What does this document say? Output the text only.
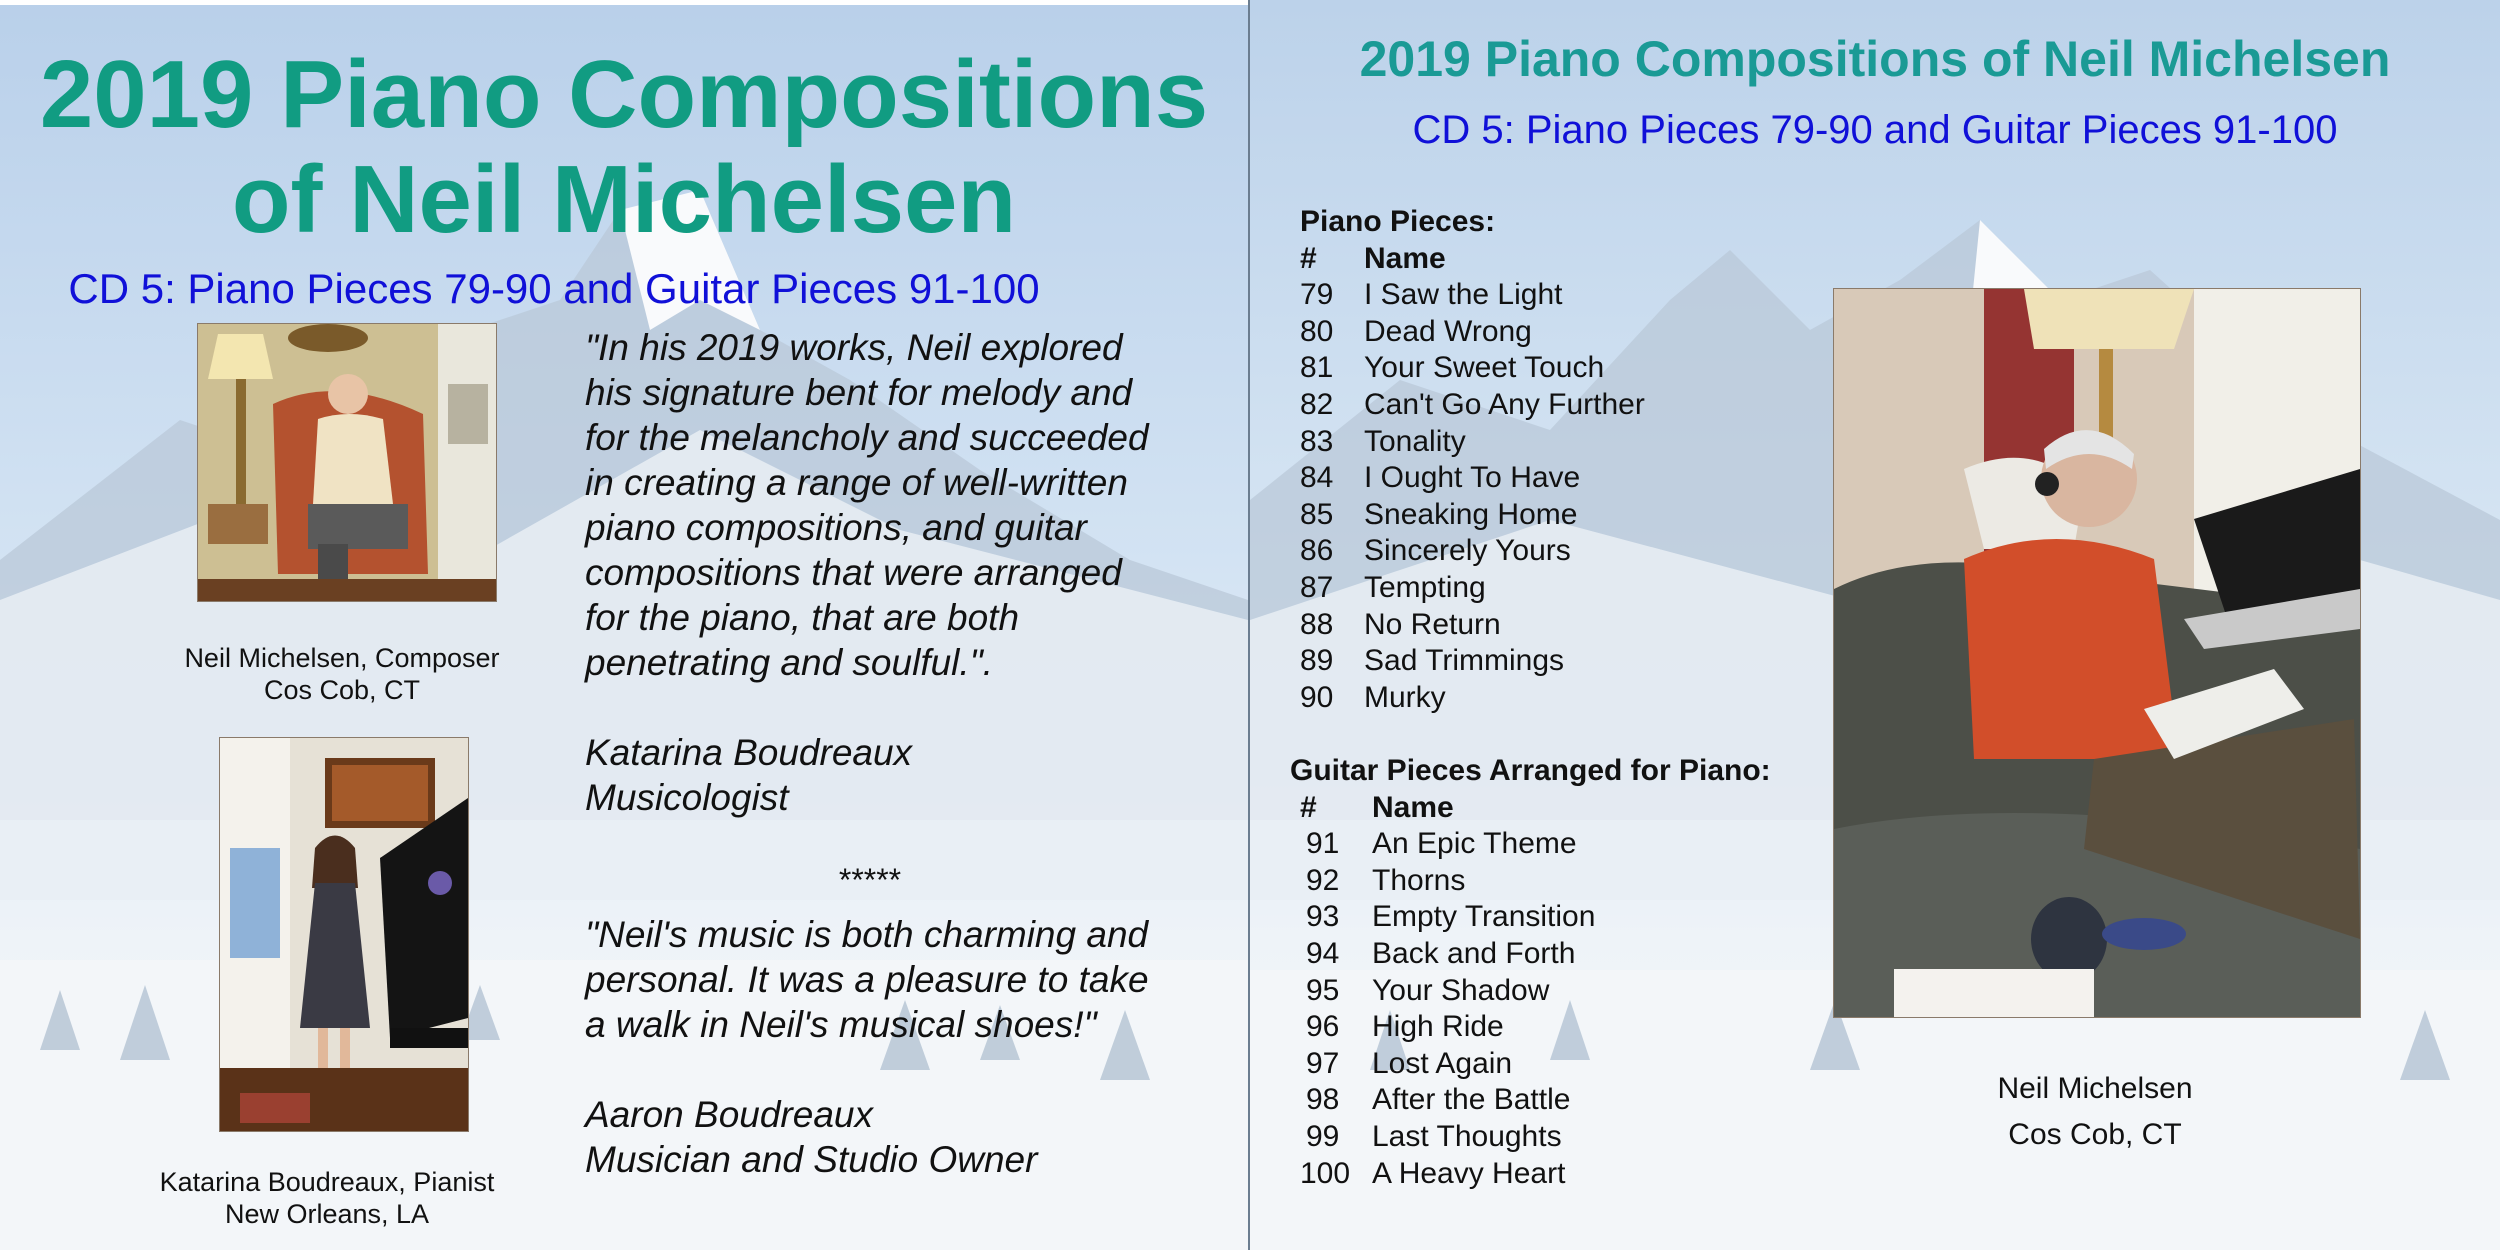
2019 Piano Compositions
of Neil Michelsen
CD 5: Piano Pieces 79-90 and Guitar Pieces 91-100
Neil Michelsen, Composer
Cos Cob, CT
Katarina Boudreaux, Pianist
New Orleans, LA

"In his 2019 works, Neil explored

his signature bent for melody and

for the melancholy and succeeded

in creating a range of well-written

piano compositions, and guitar

compositions that were arranged

for the piano, that are both

penetrating and soulful.".

Katarina Boudreaux

Musicologist

*****

"Neil's music is both charming and

personal. It was a pleasure to take

a walk in Neil's musical shoes!"

Aaron Boudreaux

Musician and Studio Owner

2019 Piano Compositions of Neil Michelsen
CD 5: Piano Pieces 79-90 and Guitar Pieces 91-100
Piano Pieces:
#	Name
79	I Saw the Light
80	Dead Wrong
81	Your Sweet Touch
82	Can't Go Any Further
83	Tonality
84	I Ought To Have
85	Sneaking Home
86	Sincerely Yours
87	Tempting
88	No Return
89	Sad Trimmings
90	Murky
Guitar Pieces Arranged for Piano:
#	Name
91	An Epic Theme
92	Thorns
93	Empty Transition
94	Back and Forth
95	Your Shadow
96	High Ride
97	Lost Again
98	After the Battle
99	Last Thoughts
100 A Heavy Heart
Neil Michelsen
Cos Cob, CT
